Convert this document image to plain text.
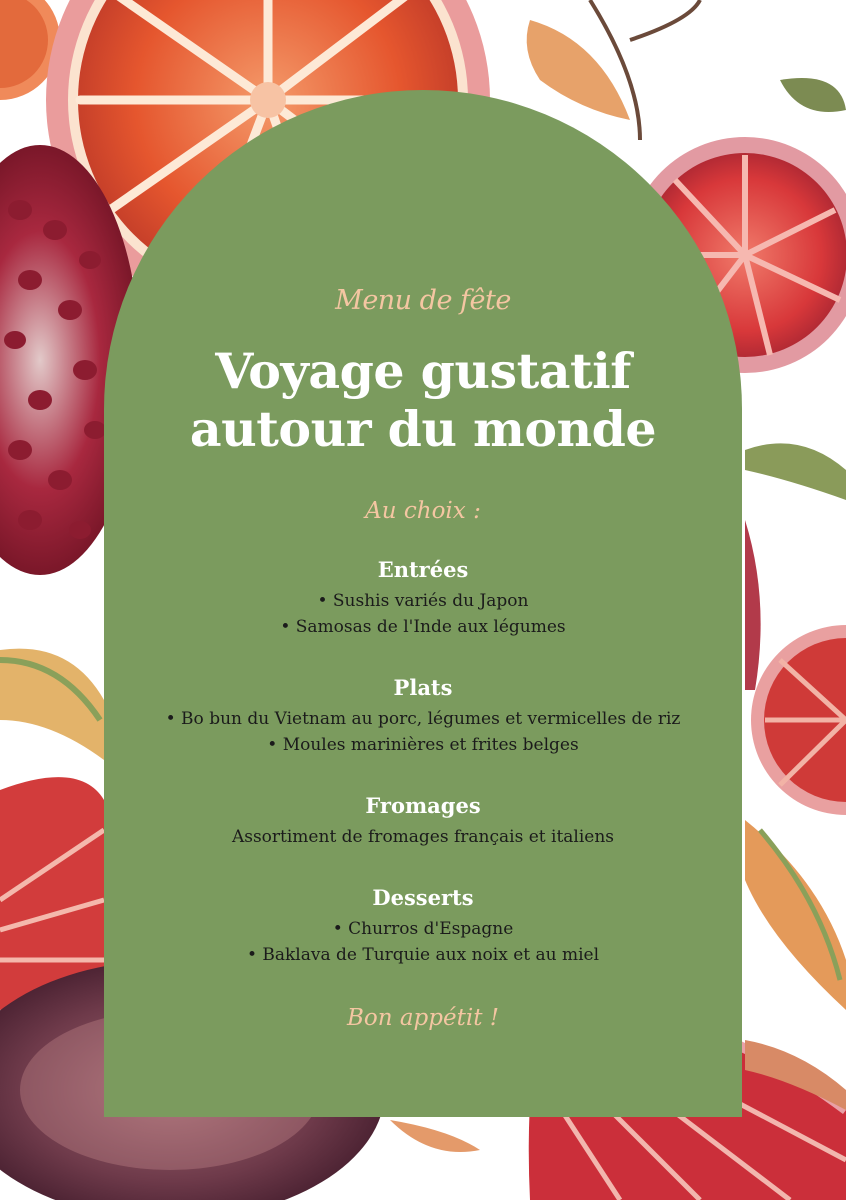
Menu de fête
Voyage gustatif
autour du monde
Au choix :
Entrées
• Sushis variés du Japon
• Samosas de l'Inde aux légumes
Plats
• Bo bun du Vietnam au porc, légumes et vermicelles de riz
• Moules marinières et frites belges
Fromages
Assortiment de fromages français et italiens
Desserts
• Churros d'Espagne
• Baklava de Turquie aux noix et au miel
Bon appétit !
